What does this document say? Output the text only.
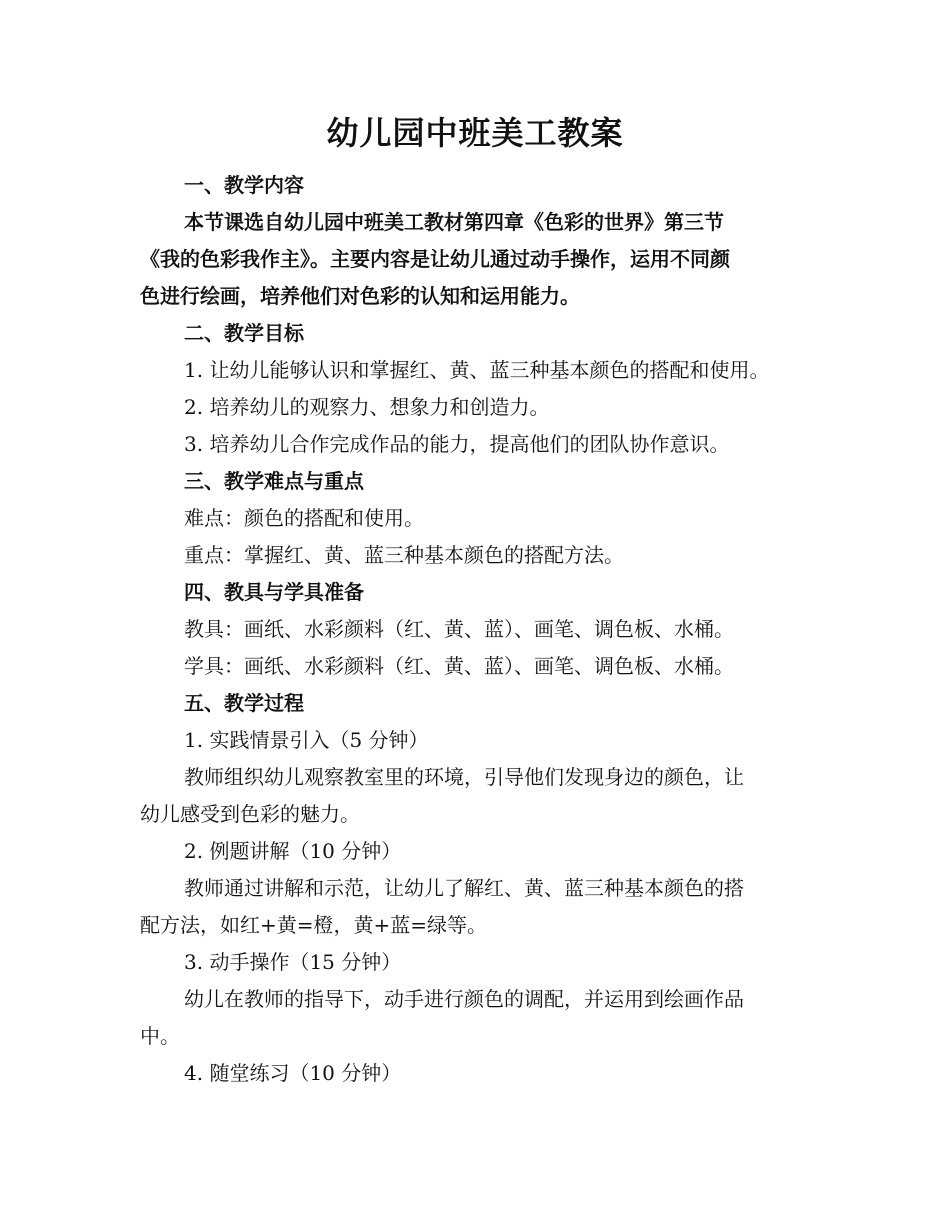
幼儿园中班美工教案
一、教学内容
本节课选自幼儿园中班美工教材第四章《色彩的世界》第三节
《我的色彩我作主》。主要内容是让幼儿通过动手操作，运用不同颜
色进行绘画，培养他们对色彩的认知和运用能力。
二、教学目标
1. 让幼儿能够认识和掌握红、黄、蓝三种基本颜色的搭配和使用。
2. 培养幼儿的观察力、想象力和创造力。
3. 培养幼儿合作完成作品的能力，提高他们的团队协作意识。
三、教学难点与重点
难点：颜色的搭配和使用。
重点：掌握红、黄、蓝三种基本颜色的搭配方法。
四、教具与学具准备
教具：画纸、水彩颜料（红、黄、蓝）、画笔、调色板、水桶。
学具：画纸、水彩颜料（红、黄、蓝）、画笔、调色板、水桶。
五、教学过程
1. 实践情景引入（5 分钟）
教师组织幼儿观察教室里的环境，引导他们发现身边的颜色，让
幼儿感受到色彩的魅力。
2. 例题讲解（10 分钟）
教师通过讲解和示范，让幼儿了解红、黄、蓝三种基本颜色的搭
配方法，如红+黄=橙，黄+蓝=绿等。
3. 动手操作（15 分钟）
幼儿在教师的指导下，动手进行颜色的调配，并运用到绘画作品
中。
4. 随堂练习（10 分钟）
